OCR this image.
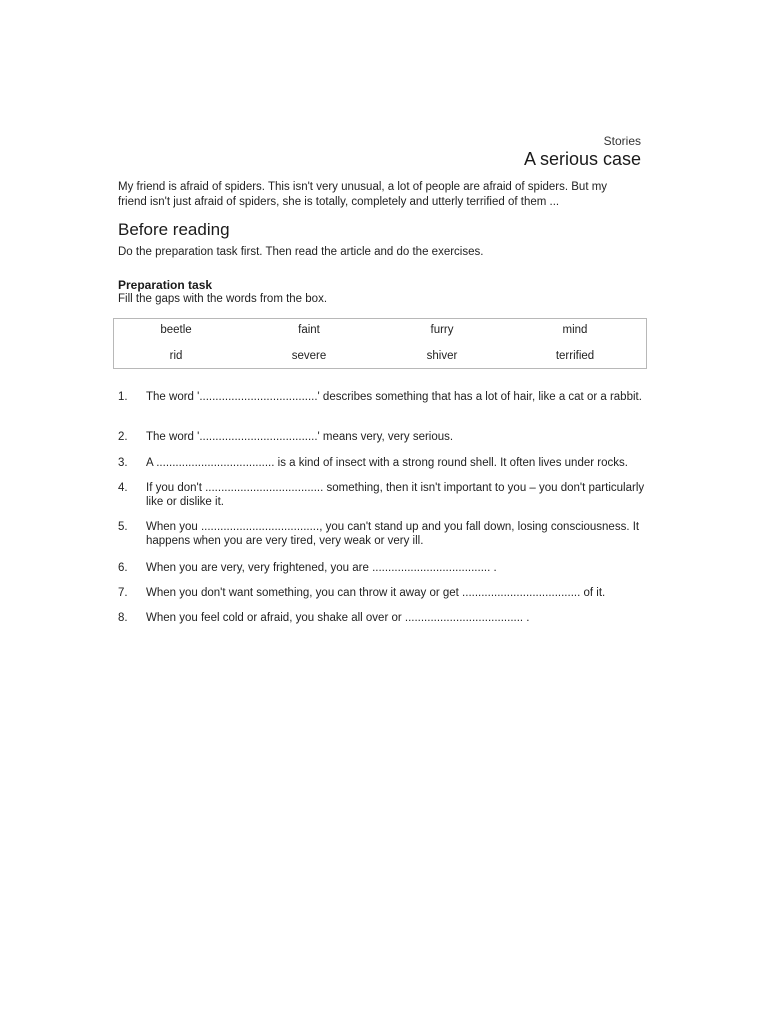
Stories
A serious case
My friend is afraid of spiders. This isn't very unusual, a lot of people are afraid of spiders. But my friend isn't just afraid of spiders, she is totally, completely and utterly terrified of them ...
Before reading
Do the preparation task first. Then read the article and do the exercises.
Preparation task
Fill the gaps with the words from the box.
beetle	faint	furry	mind
rid	severe	shiver	terrified
1. The word '.....................................' describes something that has a lot of hair, like a cat or a rabbit.
2. The word '.....................................' means very, very serious.
3. A ..................................... is a kind of insect with a strong round shell. It often lives under rocks.
4. If you don't ..................................... something, then it isn't important to you – you don't particularly like or dislike it.
5. When you ....................................., you can't stand up and you fall down, losing consciousness. It happens when you are very tired, very weak or very ill.
6. When you are very, very frightened, you are ..................................... .
7. When you don't want something, you can throw it away or get ..................................... of it.
8. When you feel cold or afraid, you shake all over or ..................................... .
